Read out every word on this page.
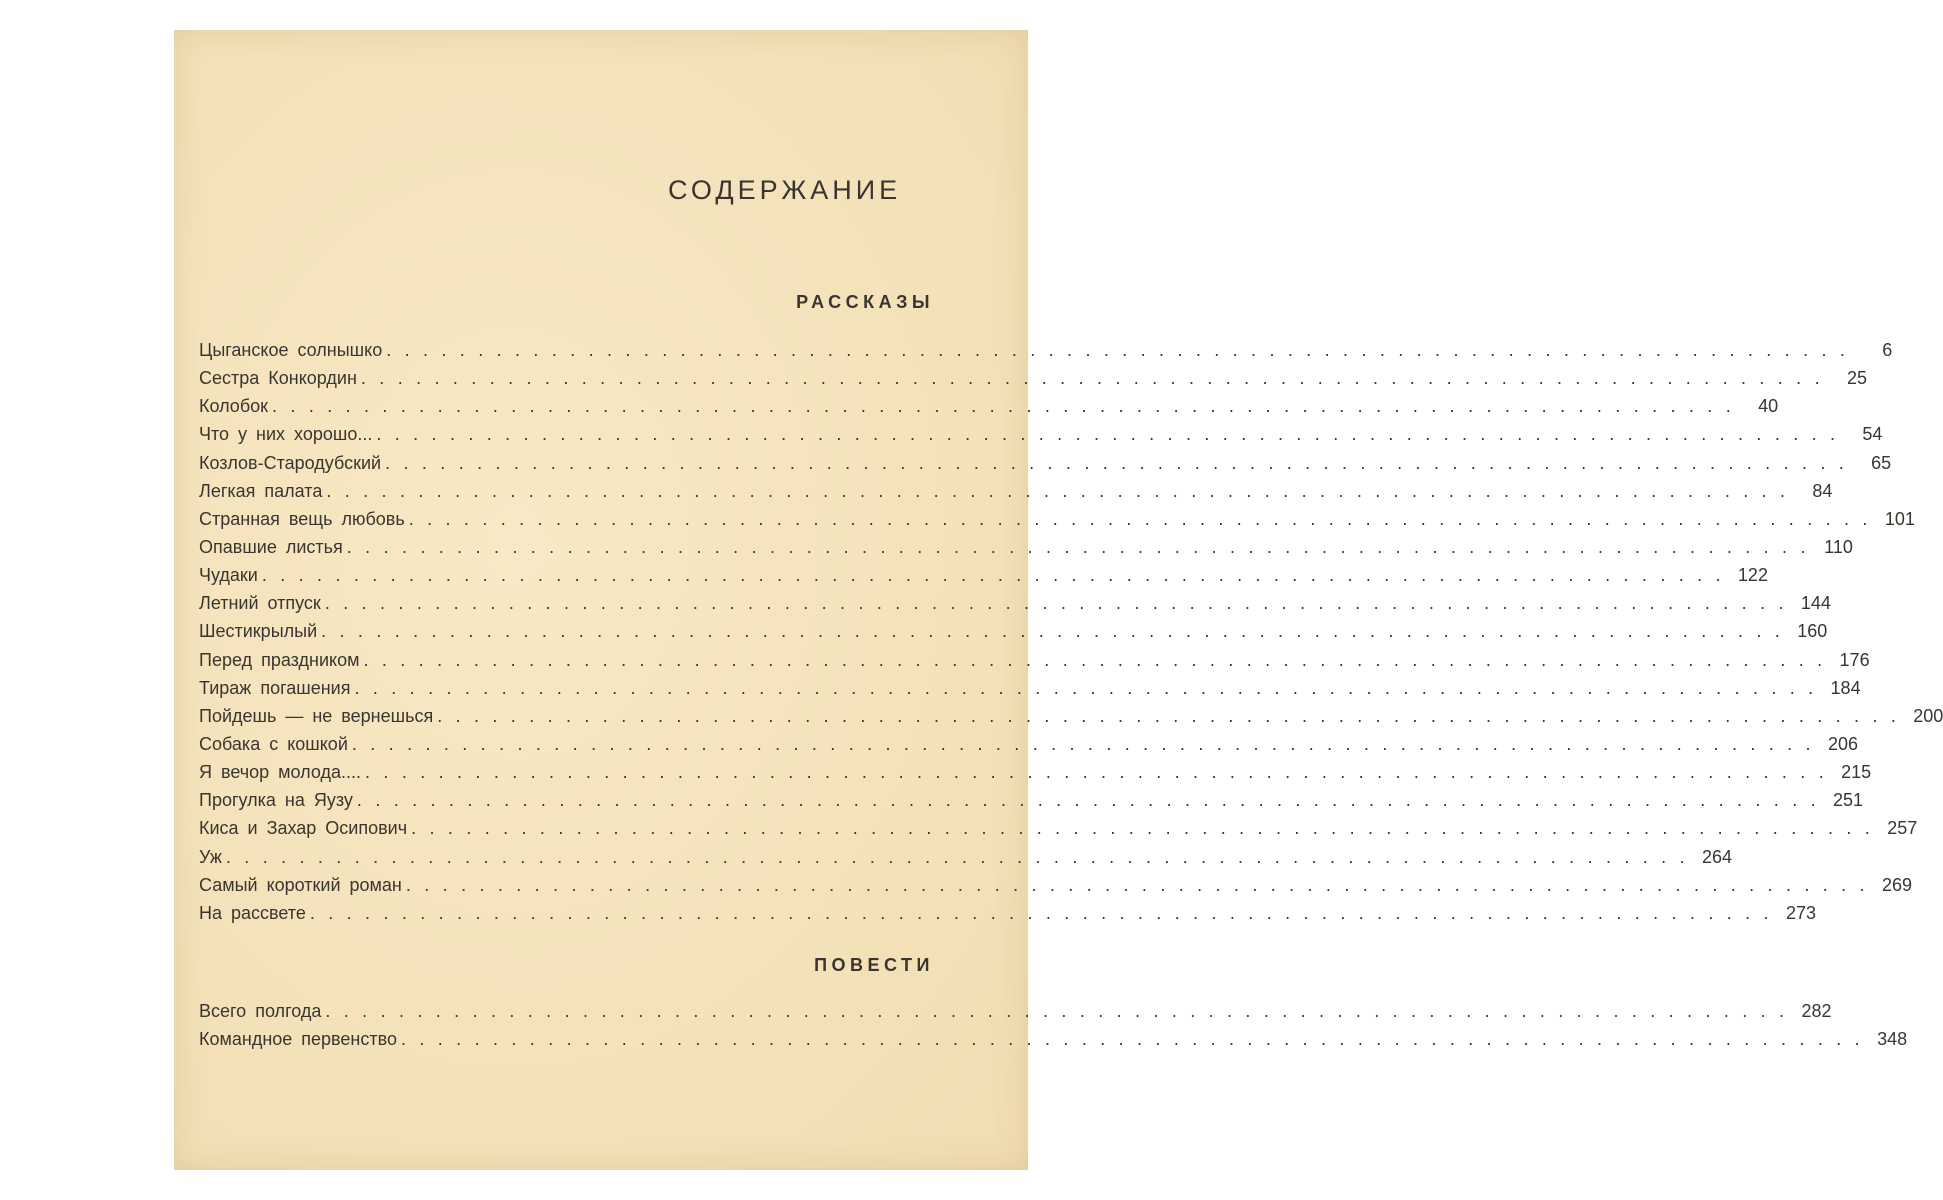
СОДЕРЖАНИЕ
РАССКАЗЫ
Цыганское солнышко ................................................................................	6
Сестра Конкордин ................................................................................ 25
Колобок ................................................................................ 40
Что у них хорошо... ................................................................................ 54
Козлов-Стародубский ................................................................................ 65
Легкая палата ................................................................................ 84
Странная вещь любовь ................................................................................ 101
Опавшие листья ................................................................................ 110
Чудаки ................................................................................ 122
Летний отпуск ................................................................................ 144
Шестикрылый ................................................................................ 160
Перед праздником ................................................................................ 176
Тираж погашения ................................................................................ 184
Пойдешь — не вернешься ................................................................................ 200
Собака с кошкой ................................................................................ 206
Я вечор молода.... ................................................................................ 215
Прогулка на Яузу ................................................................................ 251
Киса и Захар Осипович ................................................................................ 257
Уж ................................................................................ 264
Самый короткий роман ................................................................................ 269
На рассвете ................................................................................ 273
ПОВЕСТИ
Всего полгода ................................................................................ 282
Командное первенство ................................................................................ 348
